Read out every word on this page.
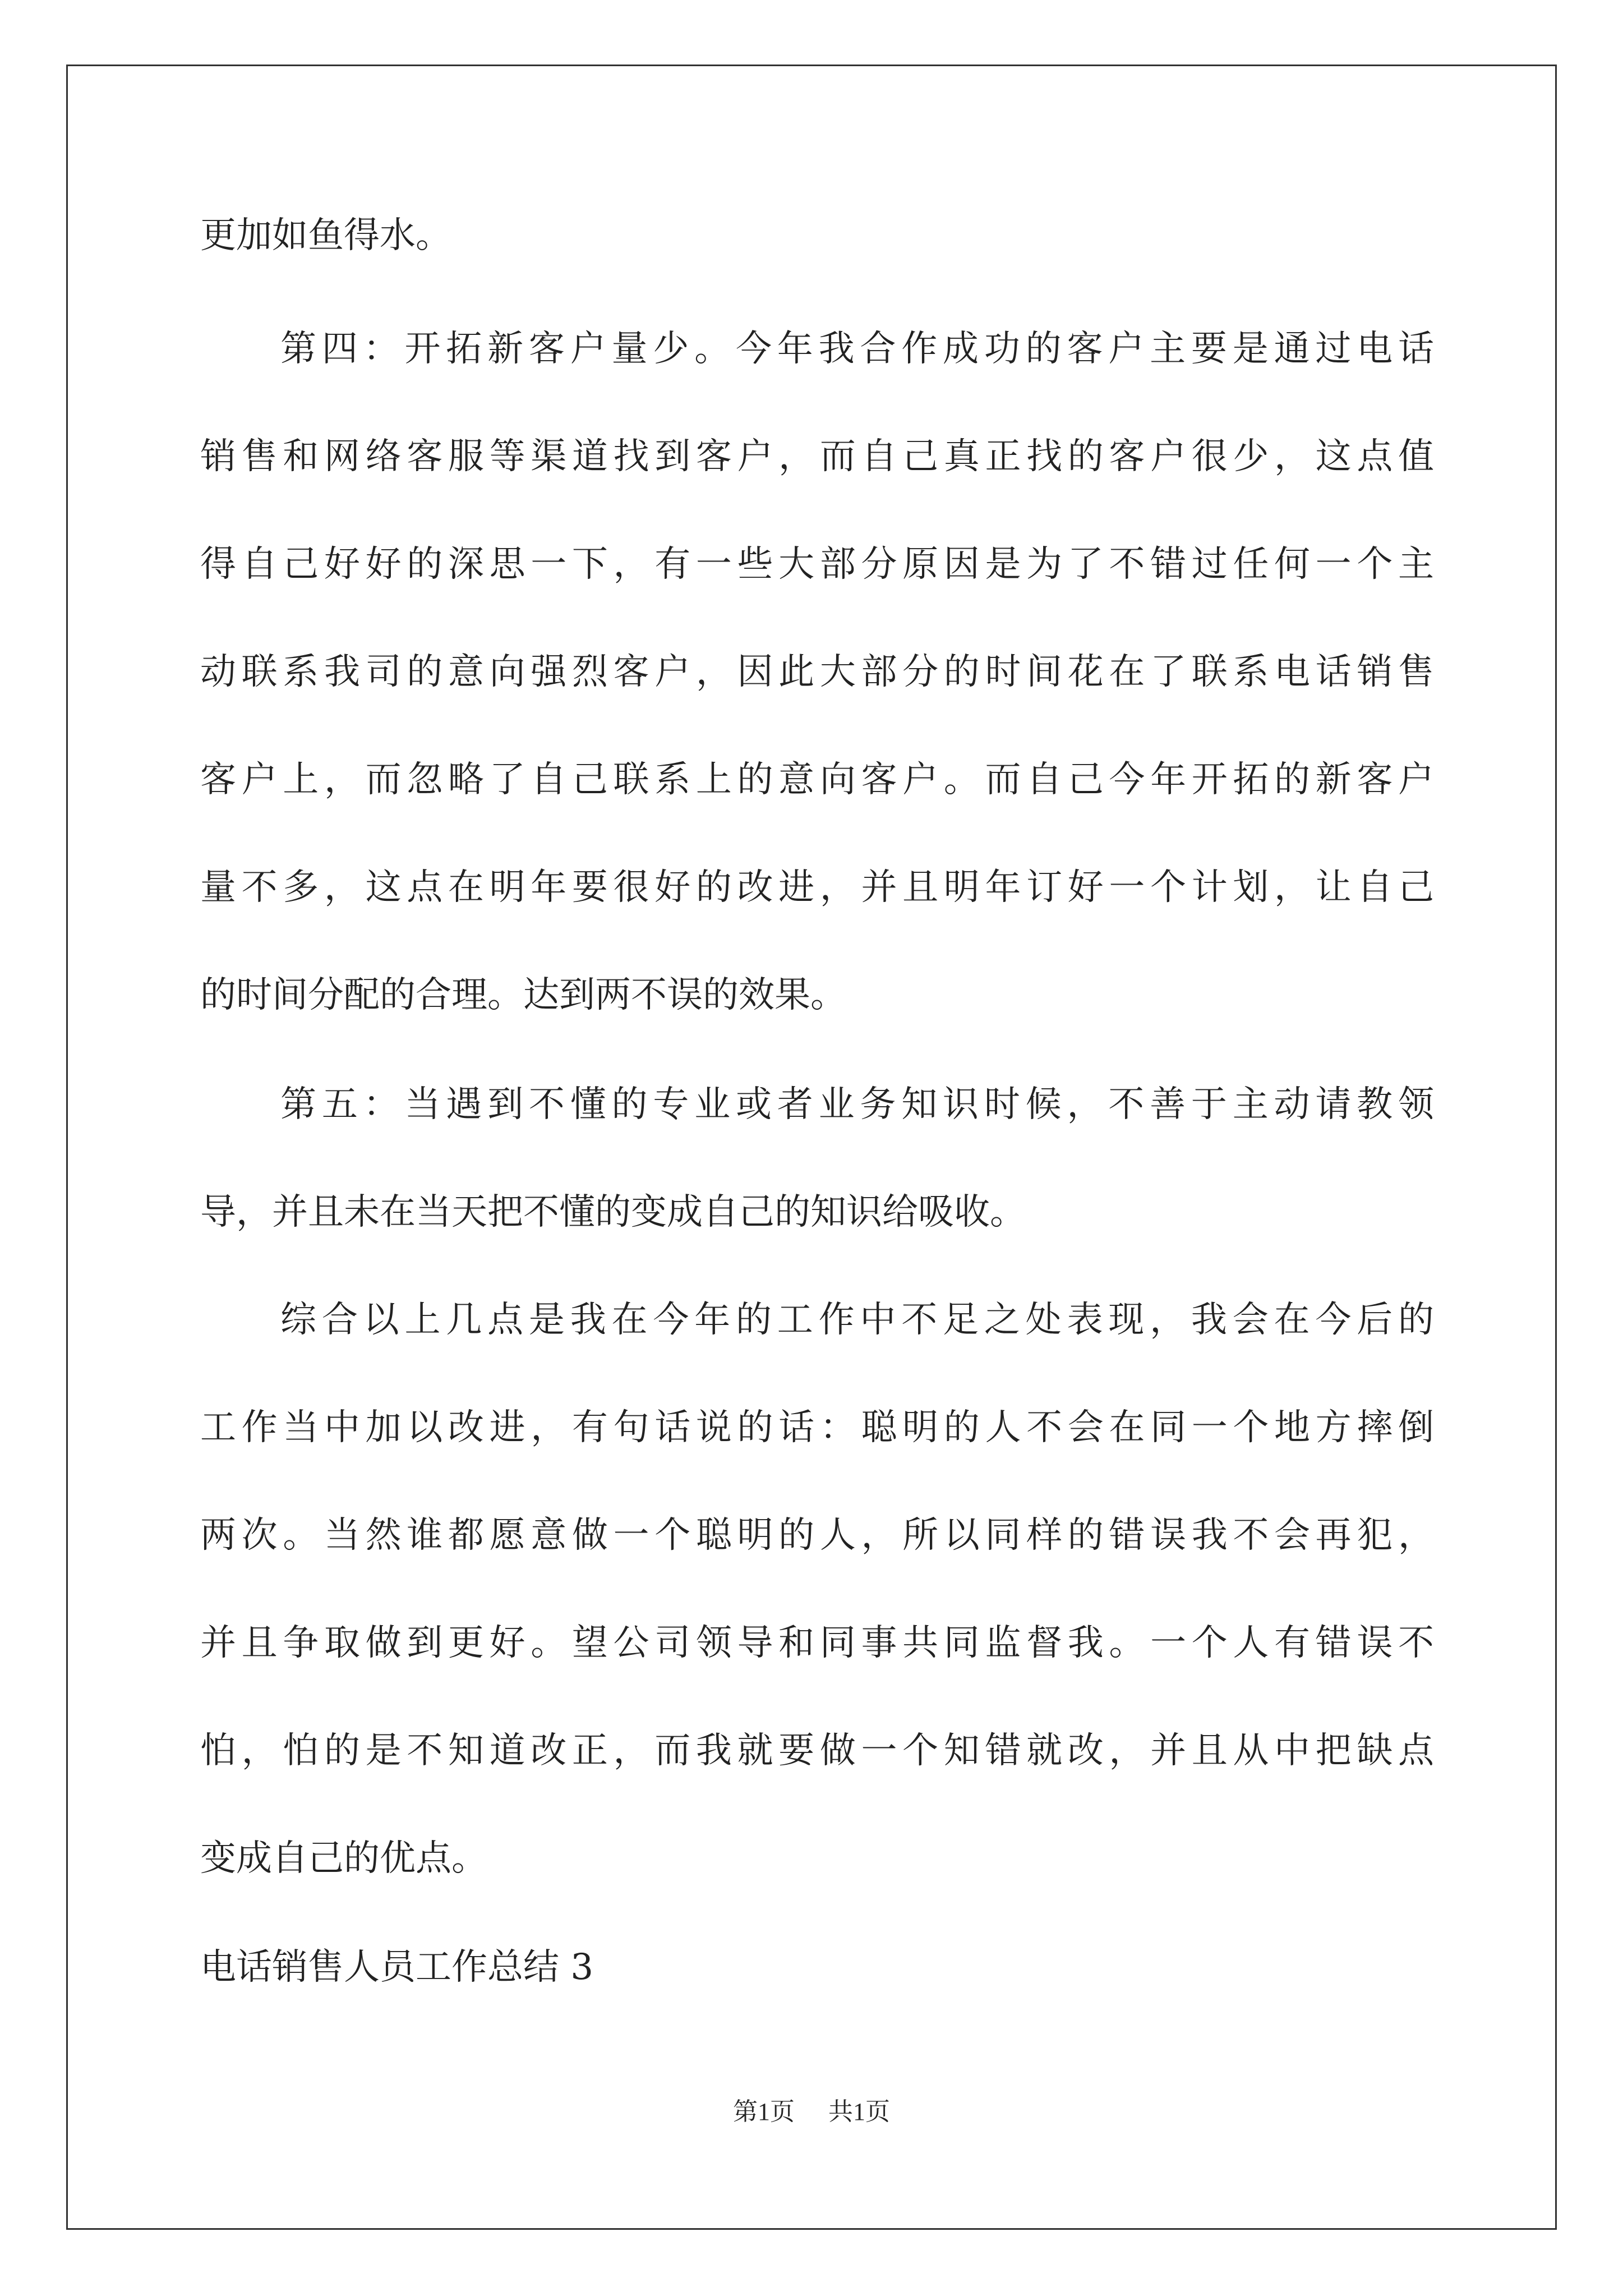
更加如鱼得水。
第四：开拓新客户量少。今年我合作成功的客户主要是通过电话
销售和网络客服等渠道找到客户，而自己真正找的客户很少，这点值
得自己好好的深思一下，有一些大部分原因是为了不错过任何一个主
动联系我司的意向强烈客户，因此大部分的时间花在了联系电话销售
客户上，而忽略了自己联系上的意向客户。而自己今年开拓的新客户
量不多，这点在明年要很好的改进，并且明年订好一个计划，让自己
的时间分配的合理。达到两不误的效果。
第五：当遇到不懂的专业或者业务知识时候，不善于主动请教领
导，并且未在当天把不懂的变成自己的知识给吸收。
综合以上几点是我在今年的工作中不足之处表现，我会在今后的
工作当中加以改进，有句话说的话：聪明的人不会在同一个地方摔倒
两次。当然谁都愿意做一个聪明的人，所以同样的错误我不会再犯，
并且争取做到更好。望公司领导和同事共同监督我。一个人有错误不
怕，怕的是不知道改正，而我就要做一个知错就改，并且从中把缺点
变成自己的优点。
电话销售人员工作总结 3
第1页 共1页
